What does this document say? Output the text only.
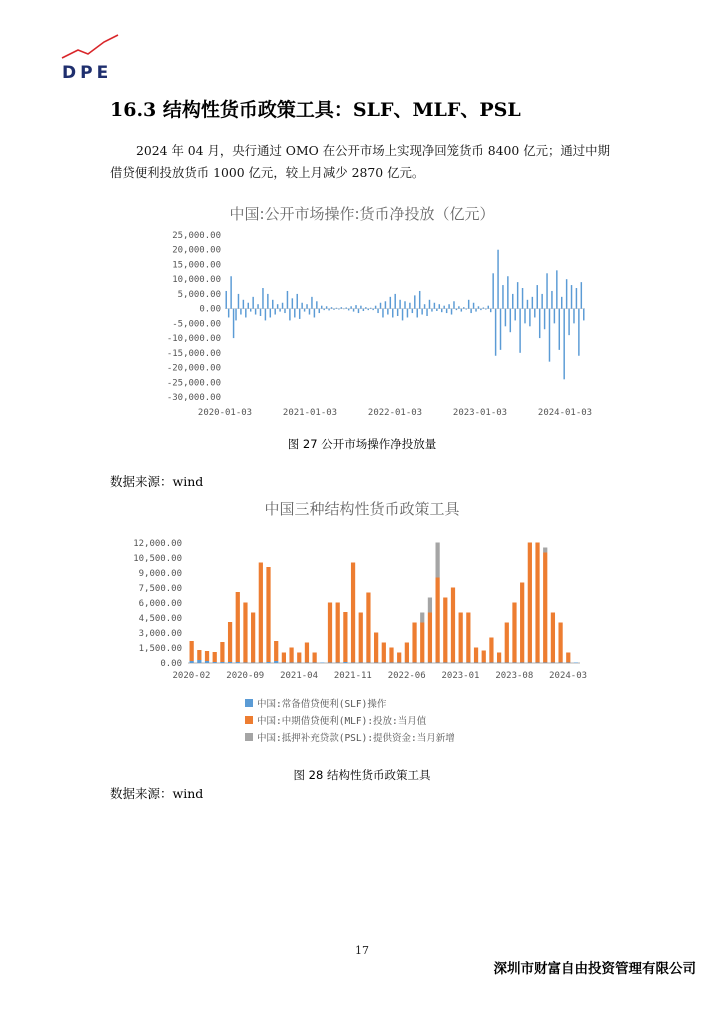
DPE
16.3 结构性货币政策工具：SLF、MLF、PSL
2024 年 04 月，央行通过 OMO 在公开市场上实现净回笼货币 8400 亿元；通过中期借贷便利投放货币 1000 亿元，较上月减少 2870 亿元。
中国:公开市场操作:货币净投放（亿元）
25,000.00
20,000.00
15,000.00
10,000.00
5,000.00
0.00
-5,000.00
-10,000.00
-15,000.00
-20,000.00
-25,000.00
-30,000.00
2020-01-03	2021-01-03	2022-01-03	2023-01-03	2024-01-03
图 27 公开市场操作净投放量
数据来源：wind
中国三种结构性货币政策工具
12,000.00
10,500.00
9,000.00
7,500.00
6,000.00
4,500.00
3,000.00
1,500.00
0.00
2020-02 2020-09 2021-04 2021-11 2022-06 2023-01 2023-08 2024-03
中国:常备借贷便利(SLF)操作
中国:中期借贷便利(MLF):投放:当月值
中国:抵押补充贷款(PSL):提供资金:当月新增
图 28 结构性货币政策工具
数据来源：wind
17
深圳市财富自由投资管理有限公司
